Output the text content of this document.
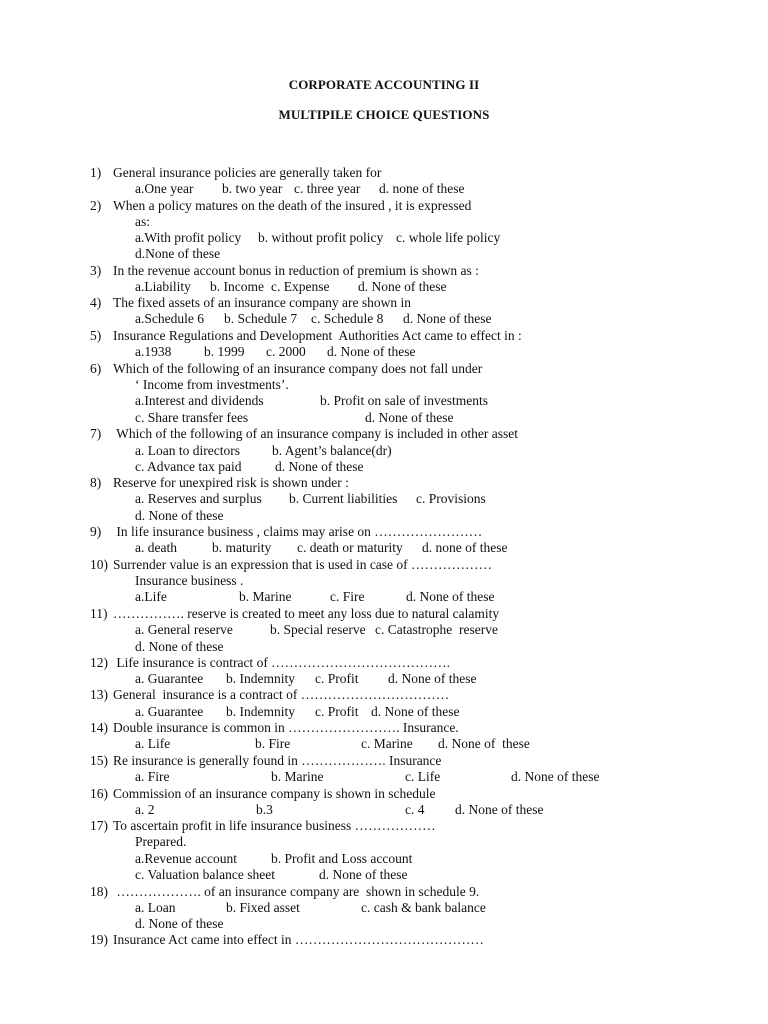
CORPORATE ACCOUNTING II
MULTIPILE CHOICE QUESTIONS
1) General insurance policies are generally taken for
a.One year b. two year c. three year d. none of these
2) When a policy matures on the death of the insured , it is expressed
as:
a.With profit policy b. without profit policy c. whole life policy
d.None of these
3) In the revenue account bonus in reduction of premium is shown as :
a.Liability b. Income c. Expense d. None of these
4) The fixed assets of an insurance company are shown in
a.Schedule 6 b. Schedule 7 c. Schedule 8 d. None of these
5) Insurance Regulations and Development  Authorities Act came to effect in :
a.1938 b. 1999 c. 2000 d. None of these
6) Which of the following of an insurance company does not fall under
‘ Income from investments’.
a.Interest and dividends	b. Profit on sale of investments
c. Share transfer fees	d. None of these
7) Which of the following of an insurance company is included in other asset
a. Loan to directors b. Agent’s balance(dr)
c. Advance tax paid d. None of these
8) Reserve for unexpired risk is shown under :
a. Reserves and surplus b. Current liabilities c. Provisions
d. None of these
9) In life insurance business , claims may arise on ……………………
a. death	b. maturity c. death or maturity d. none of these
10) Surrender value is an expression that is used in case of ………………
Insurance business .
a.Life	b. Marine	c. Fire	d. None of these
11) ……………. reserve is created to meet any loss due to natural calamity
a. General reserve	b. Special reserve c. Catastrophe  reserve
d. None of these
12) Life insurance is contract of ………………………………….
a. Guarantee b. Indemnity c. Profit d. None of these
13) General  insurance is a contract of ……………………………
a. Guarantee b. Indemnity c. Profit d. None of these
14) Double insurance is common in ……………………. Insurance.
a. Life	b. Fire	c. Marine d. None of  these
15) Re insurance is generally found in ………………. Insurance
a. Fire	b. Marine	c. Life	d. None of these
16) Commission of an insurance company is shown in schedule
a. 2	b.3	c. 4 d. None of these
17) To ascertain profit in life insurance business ………………
Prepared.
a.Revenue account	b. Profit and Loss account
c. Valuation balance sheet	d. None of these
18) ………………. of an insurance company are  shown in schedule 9.
a. Loan	b. Fixed asset	c. cash & bank balance
d. None of these
19) Insurance Act came into effect in ……………………………………
